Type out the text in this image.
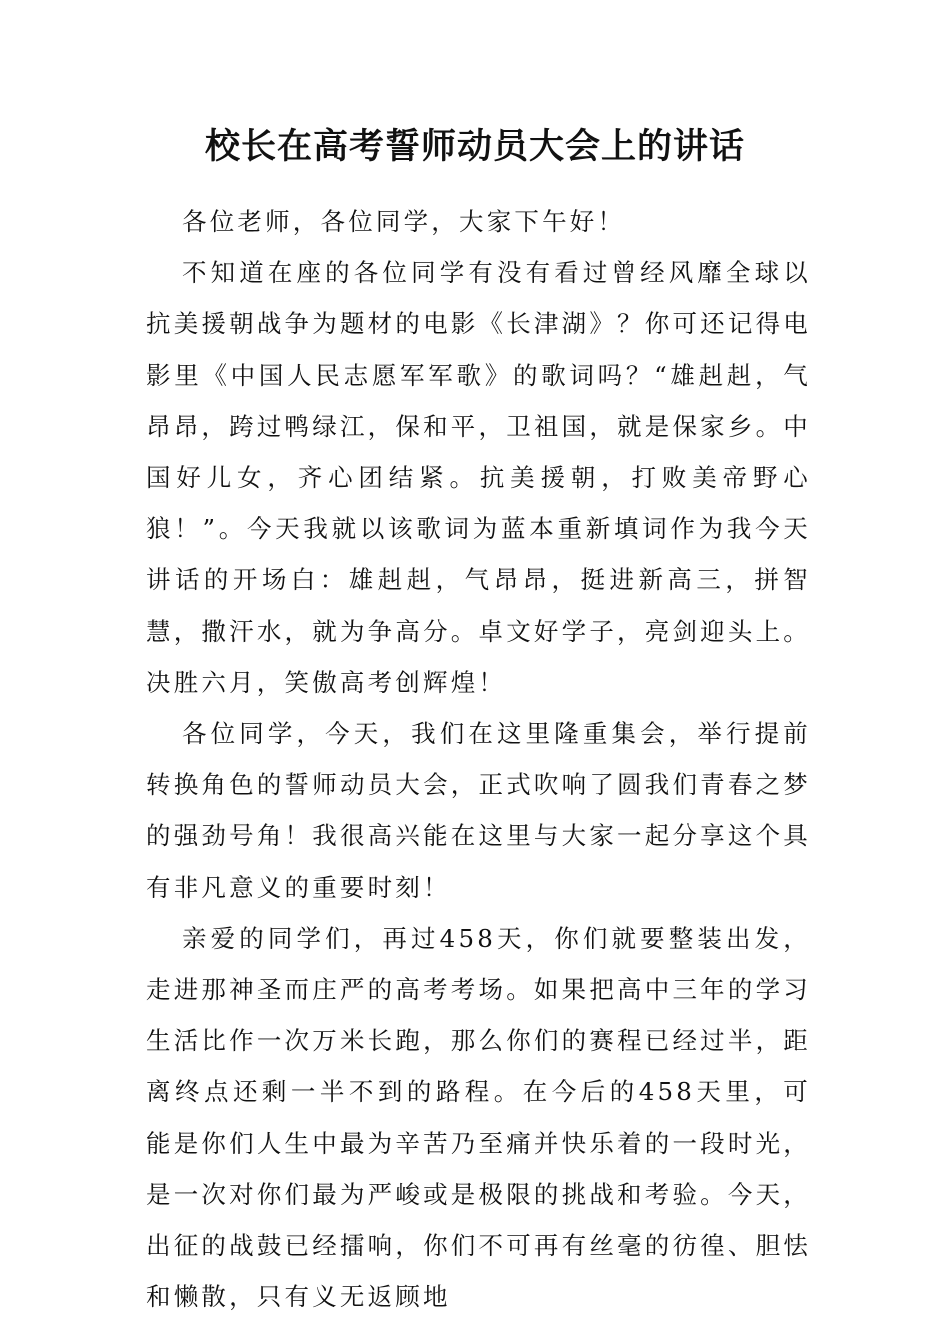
校长在高考誓师动员大会上的讲话

各位老师，各位同学，大家下午好！

不知道在座的各位同学有没有看过曾经风靡全球以抗美援朝战争为题材的电影《长津湖》？你可还记得电影里《中国人民志愿军军歌》的歌词吗？“雄赳赳，气昂昂，跨过鸭绿江，保和平，卫祖国，就是保家乡。中国好儿女，齐心团结紧。抗美援朝，打败美帝野心狼！”。今天我就以该歌词为蓝本重新填词作为我今天讲话的开场白：雄赳赳，气昂昂，挺进新高三，拼智慧，撒汗水，就为争高分。卓文好学子，亮剑迎头上。决胜六月，笑傲高考创辉煌！

各位同学，今天，我们在这里隆重集会，举行提前转换角色的誓师动员大会，正式吹响了圆我们青春之梦的强劲号角！我很高兴能在这里与大家一起分享这个具有非凡意义的重要时刻！

亲爱的同学们，再过458天，你们就要整装出发，走进那神圣而庄严的高考考场。如果把高中三年的学习生活比作一次万米长跑，那么你们的赛程已经过半，距离终点还剩一半不到的路程。在今后的458天里，可能是你们人生中最为辛苦乃至痛并快乐着的一段时光，是一次对你们最为严峻或是极限的挑战和考验。今天，出征的战鼓已经擂响，你们不可再有丝毫的彷徨、胆怯和懒散，只有义无返顾地
